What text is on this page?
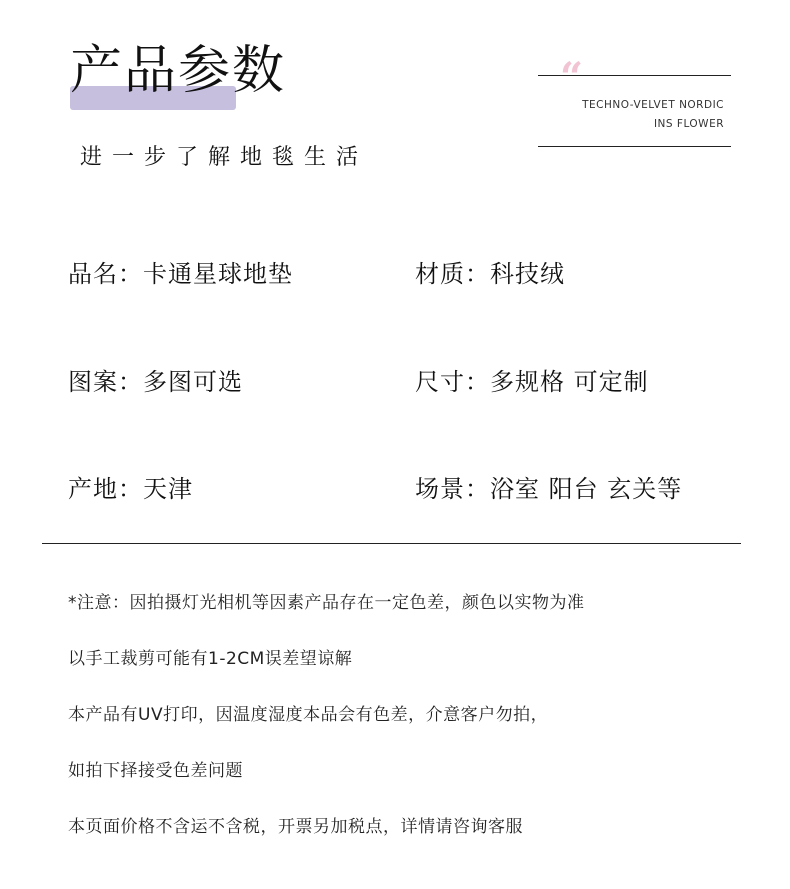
产品参数
进一步了解地毯生活
“
TECHNO-VELVET NORDIC
INS FLOWER
品名：卡通星球地垫	材质：科技绒
图案：多图可选	尺寸：多规格 可定制
产地：天津	场景：浴室 阳台 玄关等
*注意：因拍摄灯光相机等因素产品存在一定色差，颜色以实物为准
以手工裁剪可能有1-2CM误差望谅解
本产品有UV打印，因温度湿度本品会有色差，介意客户勿拍，
如拍下择接受色差问题
本页面价格不含运不含税，开票另加税点，详情请咨询客服
